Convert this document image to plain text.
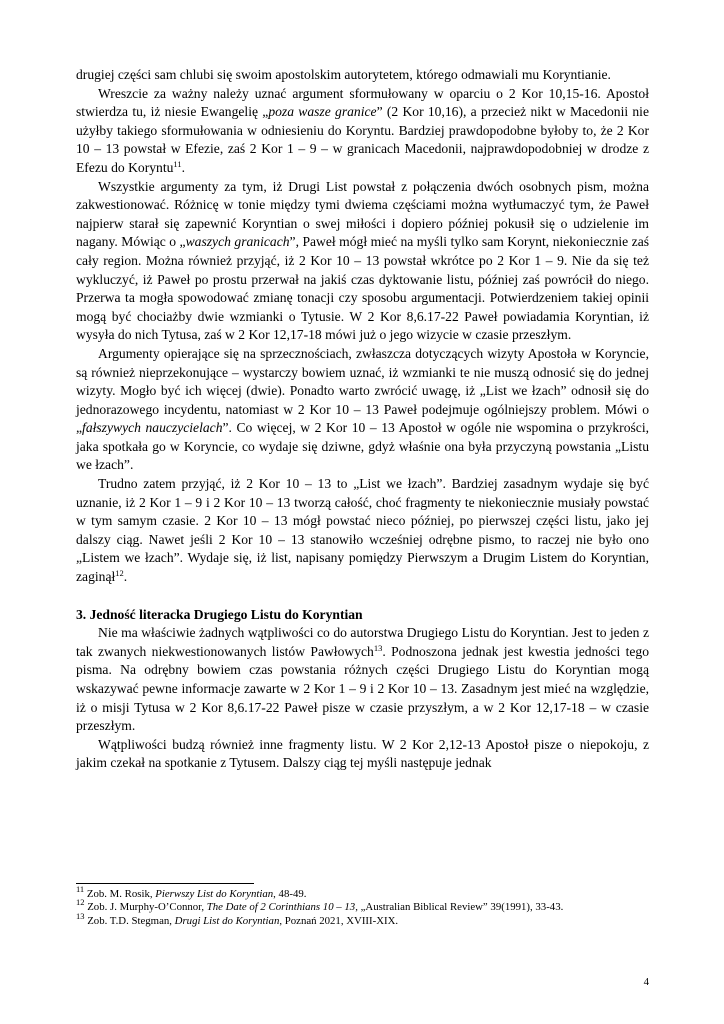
drugiej części sam chlubi się swoim apostolskim autorytetem, którego odmawiali mu Koryntianie.

Wreszcie za ważny należy uznać argument sformułowany w oparciu o 2 Kor 10,15-16. Apostoł stwierdza tu, iż niesie Ewangelię „poza wasze granice” (2 Kor 10,16), a przecież nikt w Macedonii nie użyłby takiego sformułowania w odniesieniu do Koryntu. Bardziej prawdopodobne byłoby to, że 2 Kor 10 – 13 powstał w Efezie, zaś 2 Kor 1 – 9 – w granicach Macedonii, najprawdopodobniej w drodze z Efezu do Koryntu$^{11}$.

Wszystkie argumenty za tym, iż Drugi List powstał z połączenia dwóch osobnych pism, można zakwestionować. Różnicę w tonie między tymi dwiema częściami można wytłumaczyć tym, że Paweł najpierw starał się zapewnić Koryntian o swej miłości i dopiero później pokusił się o udzielenie im nagany. Mówiąc o „waszych granicach”, Paweł mógł mieć na myśli tylko sam Korynt, niekoniecznie zaś cały region. Można również przyjąć, iż 2 Kor 10 – 13 powstał wkrótce po 2 Kor 1 – 9. Nie da się też wykluczyć, iż Paweł po prostu przerwał na jakiś czas dyktowanie listu, później zaś powrócił do niego. Przerwa ta mogła spowodować zmianę tonacji czy sposobu argumentacji. Potwierdzeniem takiej opinii mogą być chociażby dwie wzmianki o Tytusie. W 2 Kor 8,6.17-22 Paweł powiadamia Koryntian, iż wysyła do nich Tytusa, zaś w 2 Kor 12,17-18 mówi już o jego wizycie w czasie przeszłym.

Argumenty opierające się na sprzecznościach, zwłaszcza dotyczących wizyty Apostoła w Koryncie, są również nieprzekonujące – wystarczy bowiem uznać, iż wzmianki te nie muszą odnosić się do jednej wizyty. Mogło być ich więcej (dwie). Ponadto warto zwrócić uwagę, iż „List we łzach” odnosił się do jednorazowego incydentu, natomiast w 2 Kor 10 – 13 Paweł podejmuje ogólniejszy problem. Mówi o „fałszywych nauczycielach”. Co więcej, w 2 Kor 10 – 13 Apostoł w ogóle nie wspomina o przykrości, jaka spotkała go w Koryncie, co wydaje się dziwne, gdyż właśnie ona była przyczyną powstania „Listu we łzach”.

Trudno zatem przyjąć, iż 2 Kor 10 – 13 to „List we łzach”. Bardziej zasadnym wydaje się być uznanie, iż 2 Kor 1 – 9 i 2 Kor 10 – 13 tworzą całość, choć fragmenty te niekoniecznie musiały powstać w tym samym czasie. 2 Kor 10 – 13 mógł powstać nieco później, po pierwszej części listu, jako jej dalszy ciąg. Nawet jeśli 2 Kor 10 – 13 stanowiło wcześniej odrębne pismo, to raczej nie było ono „Listem we łzach”. Wydaje się, iż list, napisany pomiędzy Pierwszym a Drugim Listem do Koryntian, zaginął$^{12}$.

3. Jedność literacka Drugiego Listu do Koryntian

Nie ma właściwie żadnych wątpliwości co do autorstwa Drugiego Listu do Koryntian. Jest to jeden z tak zwanych niekwestionowanych listów Pawłowych$^{13}$. Podnoszona jednak jest kwestia jedności tego pisma. Na odrębny bowiem czas powstania różnych części Drugiego Listu do Koryntian mogą wskazywać pewne informacje zawarte w 2 Kor 1 – 9 i 2 Kor 10 – 13. Zasadnym jest mieć na względzie, iż o misji Tytusa w 2 Kor 8,6.17-22 Paweł pisze w czasie przyszłym, a w 2 Kor 12,17-18 – w czasie przeszłym.

Wątpliwości budzą również inne fragmenty listu. W 2 Kor 2,12-13 Apostoł pisze o niepokoju, z jakim czekał na spotkanie z Tytusem. Dalszy ciąg tej myśli następuje jednak

$^{11}$ Zob. M. Rosik, Pierwszy List do Koryntian, 48-49.

$^{12}$ Zob. J. Murphy-O’Connor, The Date of 2 Corinthians 10 – 13, „Australian Biblical Review” 39(1991), 33-43.

$^{13}$ Zob. T.D. Stegman, Drugi List do Koryntian, Poznań 2021, XVIII-XIX.

4
